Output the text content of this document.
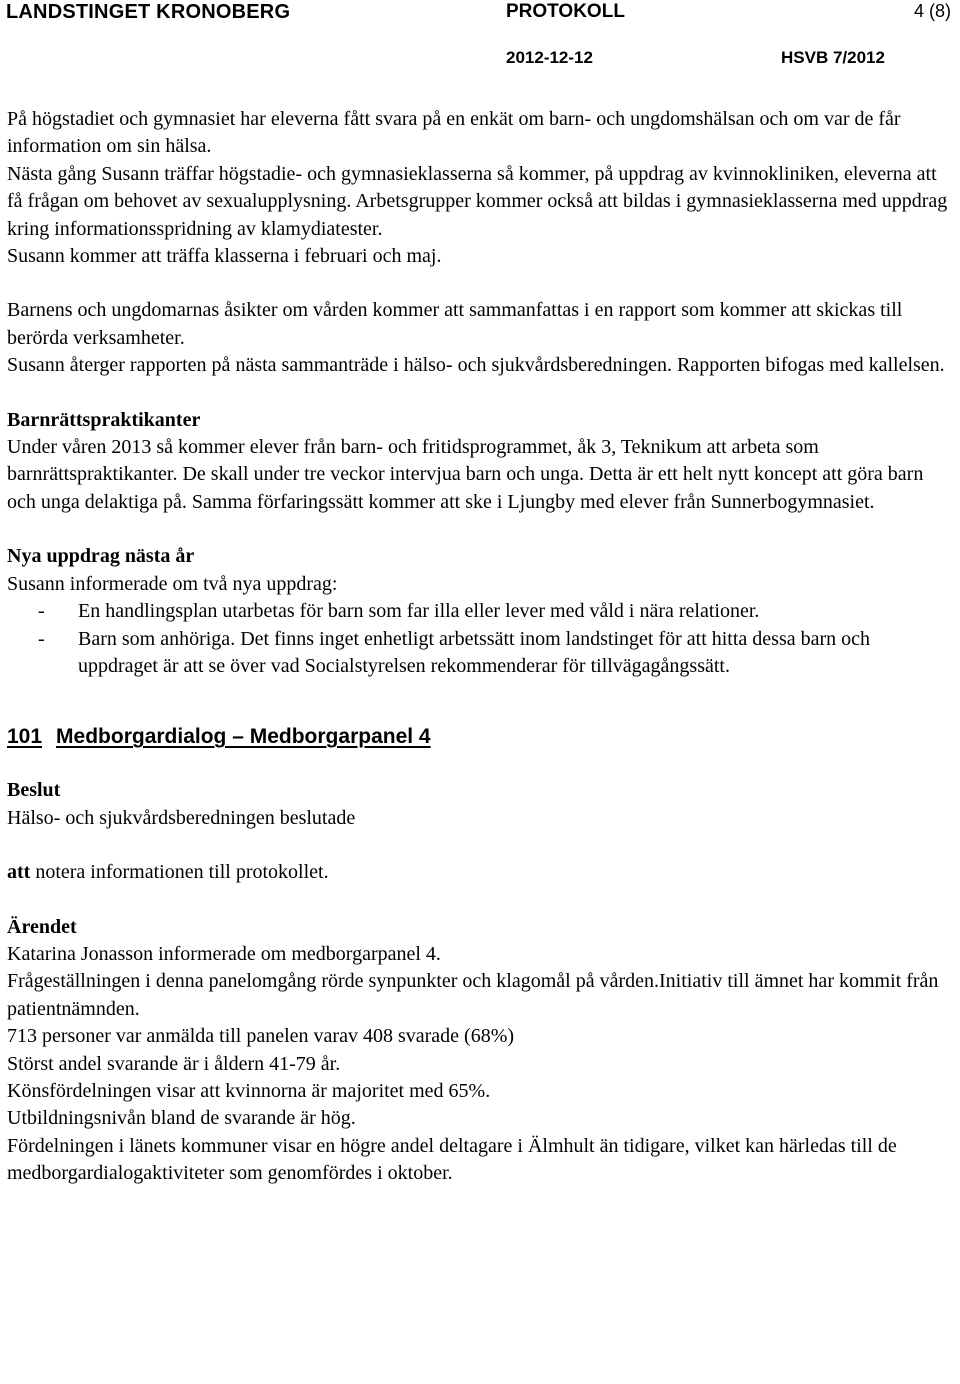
LANDSTINGET KRONOBERG	PROTOKOLL	4 (8)
2012-12-12	HSVB 7/2012

På högstadiet och gymnasiet har eleverna fått svara på en enkät om barn- och ungdomshälsan och om var de får information om sin hälsa.

Nästa gång Susann träffar högstadie- och gymnasieklasserna så kommer, på uppdrag av kvinnokliniken, eleverna att få frågan om behovet av sexualupplysning. Arbetsgrupper kommer också att bildas i gymnasieklasserna med uppdrag kring informationsspridning av klamydiatester.

Susann kommer att träffa klasserna i februari och maj.

Barnens och ungdomarnas åsikter om vården kommer att sammanfattas i en rapport som kommer att skickas till berörda verksamheter.

Susann återger rapporten på nästa sammanträde i hälso- och sjukvårdsberedningen. Rapporten bifogas med kallelsen.

Barnrättspraktikanter

Under våren 2013 så kommer elever från barn- och fritidsprogrammet, åk 3, Teknikum att arbeta som barnrättspraktikanter. De skall under tre veckor intervjua barn och unga. Detta är ett helt nytt koncept att göra barn och unga delaktiga på. Samma förfaringssätt kommer att ske i Ljungby med elever från Sunnerbogymnasiet.

Nya uppdrag nästa år

Susann informerade om två nya uppdrag:

- En handlingsplan utarbetas för barn som far illa eller lever med våld i nära relationer.
- Barn som anhöriga. Det finns inget enhetligt arbetssätt inom landstinget för att hitta dessa barn och uppdraget är att se över vad Socialstyrelsen rekommenderar för tillvägagångssätt.

101 Medborgardialog – Medborgarpanel 4

Beslut

Hälso- och sjukvårdsberedningen beslutade

att notera informationen till protokollet.

Ärendet

Katarina Jonasson informerade om medborgarpanel 4.

Frågeställningen i denna panelomgång rörde synpunkter och klagomål på vården.Initiativ till ämnet har kommit från patientnämnden.

713 personer var anmälda till panelen varav 408 svarade (68%)

Störst andel svarande är i åldern 41-79 år.

Könsfördelningen visar att kvinnorna är majoritet med 65%.

Utbildningsnivån bland de svarande är hög.

Fördelningen i länets kommuner visar en högre andel deltagare i Älmhult än tidigare, vilket kan härledas till de medborgardialogaktiviteter som genomfördes i oktober.
